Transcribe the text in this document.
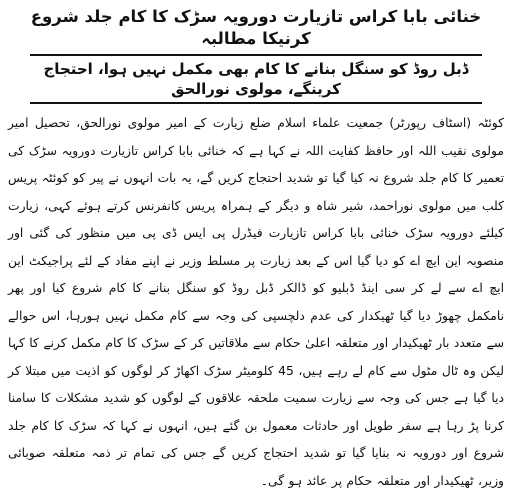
خنائی بابا کراس تازیارت دورویہ سڑک کا کام جلد شروع کرنیکا مطالبہ
ڈبل روڈ کو سنگل بنانے کا کام بھی مکمل نہیں ہوا، احتجاج کرینگے، مولوی نورالحق

کوئٹہ (اسٹاف رپورٹر) جمعیت علماء اسلام ضلع زیارت کے امیر مولوی نورالحق، تحصیل امیر مولوی نقیب اللہ اور حافظ کفایت اللہ نے کہا ہے کہ خنائی بابا کراس تازیارت دورویہ سڑک کی تعمیر کا کام جلد شروع نہ کیا گیا تو شدید احتجاج کریں گے، یہ بات انہوں نے پیر کو کوئٹہ پریس کلب میں مولوی نوراحمد، شیر شاہ و دیگر کے ہمراہ پریس کانفرنس کرتے ہوئے کہی، زیارت کیلئے دورویہ سڑک خنائی بابا کراس تازیارت فیڈرل پی ایس ڈی پی میں منظور کی گئی اور منصوبہ این ایچ اے کو دیا گیا اس کے بعد زیارت پر مسلط وزیر نے اپنے مفاد کے لئے پراجیکٹ این ایچ اے سے لے کر سی اینڈ ڈبلیو کو ڈالکر ڈبل روڈ کو سنگل بنانے کا کام شروع کیا اور پھر نامکمل چھوڑ دیا گیا ٹھیکدار کی عدم دلچسپی کی وجہ سے کام مکمل نہیں ہورہا، اس حوالے سے متعدد بار ٹھیکیدار اور متعلقہ اعلیٰ حکام سے ملاقاتیں کر کے سڑک کا کام مکمل کرنے کا کہا لیکن وہ ٹال مٹول سے کام لے رہے ہیں، 45 کلومیٹر سڑک اکھاڑ کر لوگوں کو اذیت میں مبتلا کر دیا گیا ہے جس کی وجہ سے زیارت سمیت ملحقہ علاقوں کے لوگوں کو شدید مشکلات کا سامنا کرنا پڑ رہا ہے سفر طویل اور حادثات معمول بن گئے ہیں، انہوں نے کہا کہ سڑک کا کام جلد شروع اور دورویہ نہ بنایا گیا تو شدید احتجاج کریں گے جس کی تمام تر ذمہ متعلقہ صوبائی وزیر، ٹھیکیدار اور متعلقہ حکام پر عائد ہو گی۔
